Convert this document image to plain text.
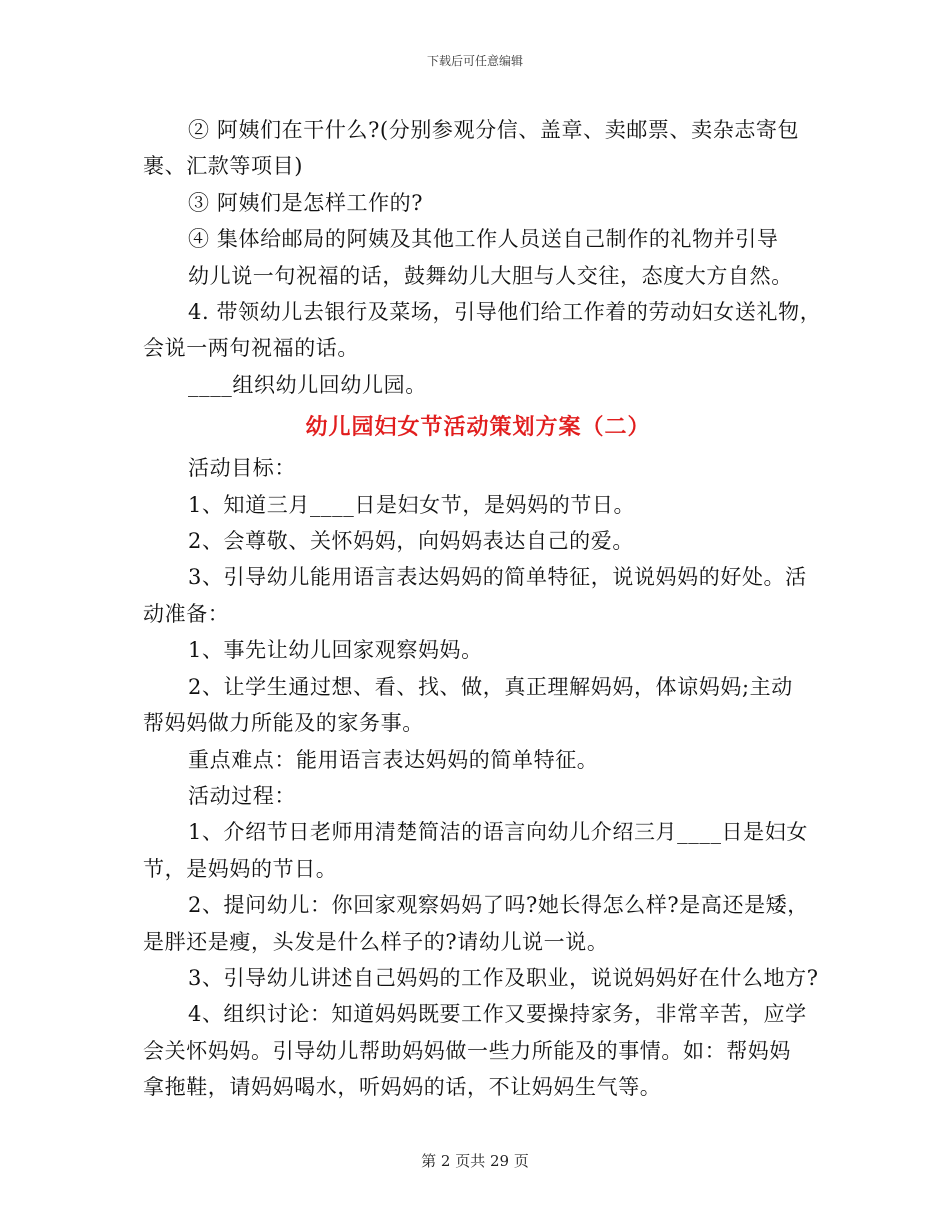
下载后可任意编辑
② 阿姨们在干什么?(分别参观分信、盖章、卖邮票、卖杂志寄包
裹、汇款等项目)
③ 阿姨们是怎样工作的?
④ 集体给邮局的阿姨及其他工作人员送自己制作的礼物并引导
幼儿说一句祝福的话，鼓舞幼儿大胆与人交往，态度大方自然。
4. 带领幼儿去银行及菜场，引导他们给工作着的劳动妇女送礼物，
会说一两句祝福的话。
____组织幼儿回幼儿园。
幼儿园妇女节活动策划方案（二）
活动目标：
1、知道三月____日是妇女节，是妈妈的节日。
2、会尊敬、关怀妈妈，向妈妈表达自己的爱。
3、引导幼儿能用语言表达妈妈的简单特征，说说妈妈的好处。活
动准备：
1、事先让幼儿回家观察妈妈。
2、让学生通过想、看、找、做，真正理解妈妈，体谅妈妈;主动
帮妈妈做力所能及的家务事。
重点难点：能用语言表达妈妈的简单特征。
活动过程：
1、介绍节日老师用清楚简洁的语言向幼儿介绍三月____日是妇女
节，是妈妈的节日。
2、提问幼儿：你回家观察妈妈了吗?她长得怎么样?是高还是矮，
是胖还是瘦，头发是什么样子的?请幼儿说一说。
3、引导幼儿讲述自己妈妈的工作及职业，说说妈妈好在什么地方?
4、组织讨论：知道妈妈既要工作又要操持家务，非常辛苦，应学
会关怀妈妈。引导幼儿帮助妈妈做一些力所能及的事情。如：帮妈妈
拿拖鞋，请妈妈喝水，听妈妈的话，不让妈妈生气等。
第 2 页共 29 页
